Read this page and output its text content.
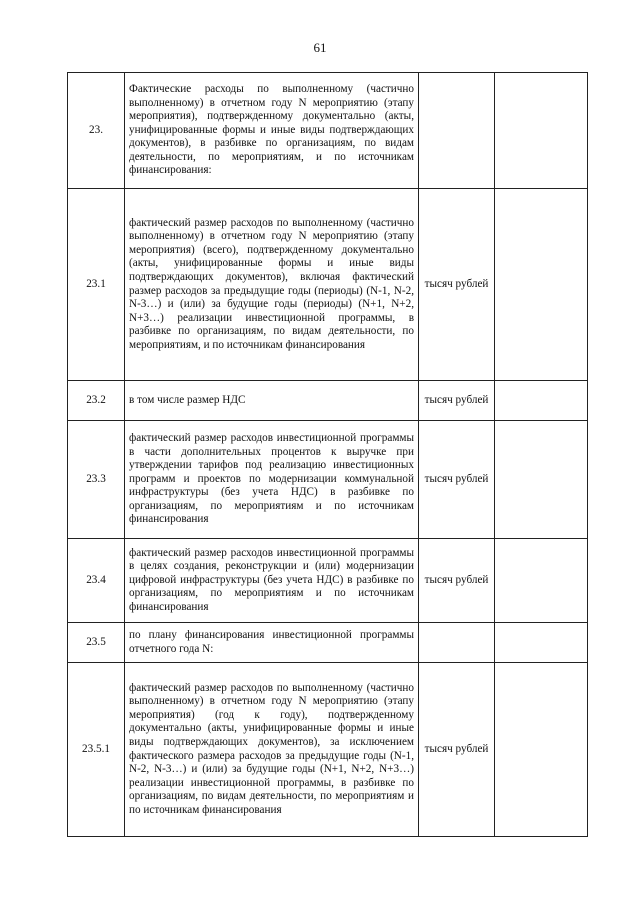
61
23.	Фактические расходы по выполненному (частично выполненному) в отчетном году N мероприятию (этапу мероприятия), подтвержденному документально (акты, унифицированные формы и иные виды подтверждающих документов), в разбивке по организациям, по видам деятельности, по мероприятиям, и по источникам финансирования:		
23.1	фактический размер расходов по выполненному (частично выполненному) в отчетном году N мероприятию (этапу мероприятия) (всего), подтвержденному документально (акты, унифицированные формы и иные виды подтверждающих документов), включая фактический размер расходов за предыдущие годы (периоды) (N-1, N-2, N-3…) и (или) за будущие годы (периоды) (N+1, N+2, N+3…) реализации инвестиционной программы, в разбивке по организациям, по видам деятельности, по мероприятиям, и по источникам финансирования	тысяч рублей	
23.2	в том числе размер НДС	тысяч рублей	
23.3	фактический размер расходов инвестиционной программы в части дополнительных процентов к выручке при утверждении тарифов под реализацию инвестиционных программ и проектов по модернизации коммунальной инфраструктуры (без учета НДС) в разбивке по организациям, по мероприятиям и по источникам финансирования	тысяч рублей	
23.4	фактический размер расходов инвестиционной программы в целях создания, реконструкции и (или) модернизации цифровой инфраструктуры (без учета НДС) в разбивке по организациям, по мероприятиям и по источникам финансирования	тысяч рублей	
23.5	по плану финансирования инвестиционной программы отчетного года N:		
23.5.1	фактический размер расходов по выполненному (частично выполненному) в отчетном году N мероприятию (этапу мероприятия) (год к году), подтвержденному документально (акты, унифицированные формы и иные виды подтверждающих документов), за исключением фактического размера расходов за предыдущие годы (N-1, N-2, N-3…) и (или) за будущие годы (N+1, N+2, N+3…) реализации инвестиционной программы, в разбивке по организациям, по видам деятельности, по мероприятиям и по источникам финансирования	тысяч рублей	
